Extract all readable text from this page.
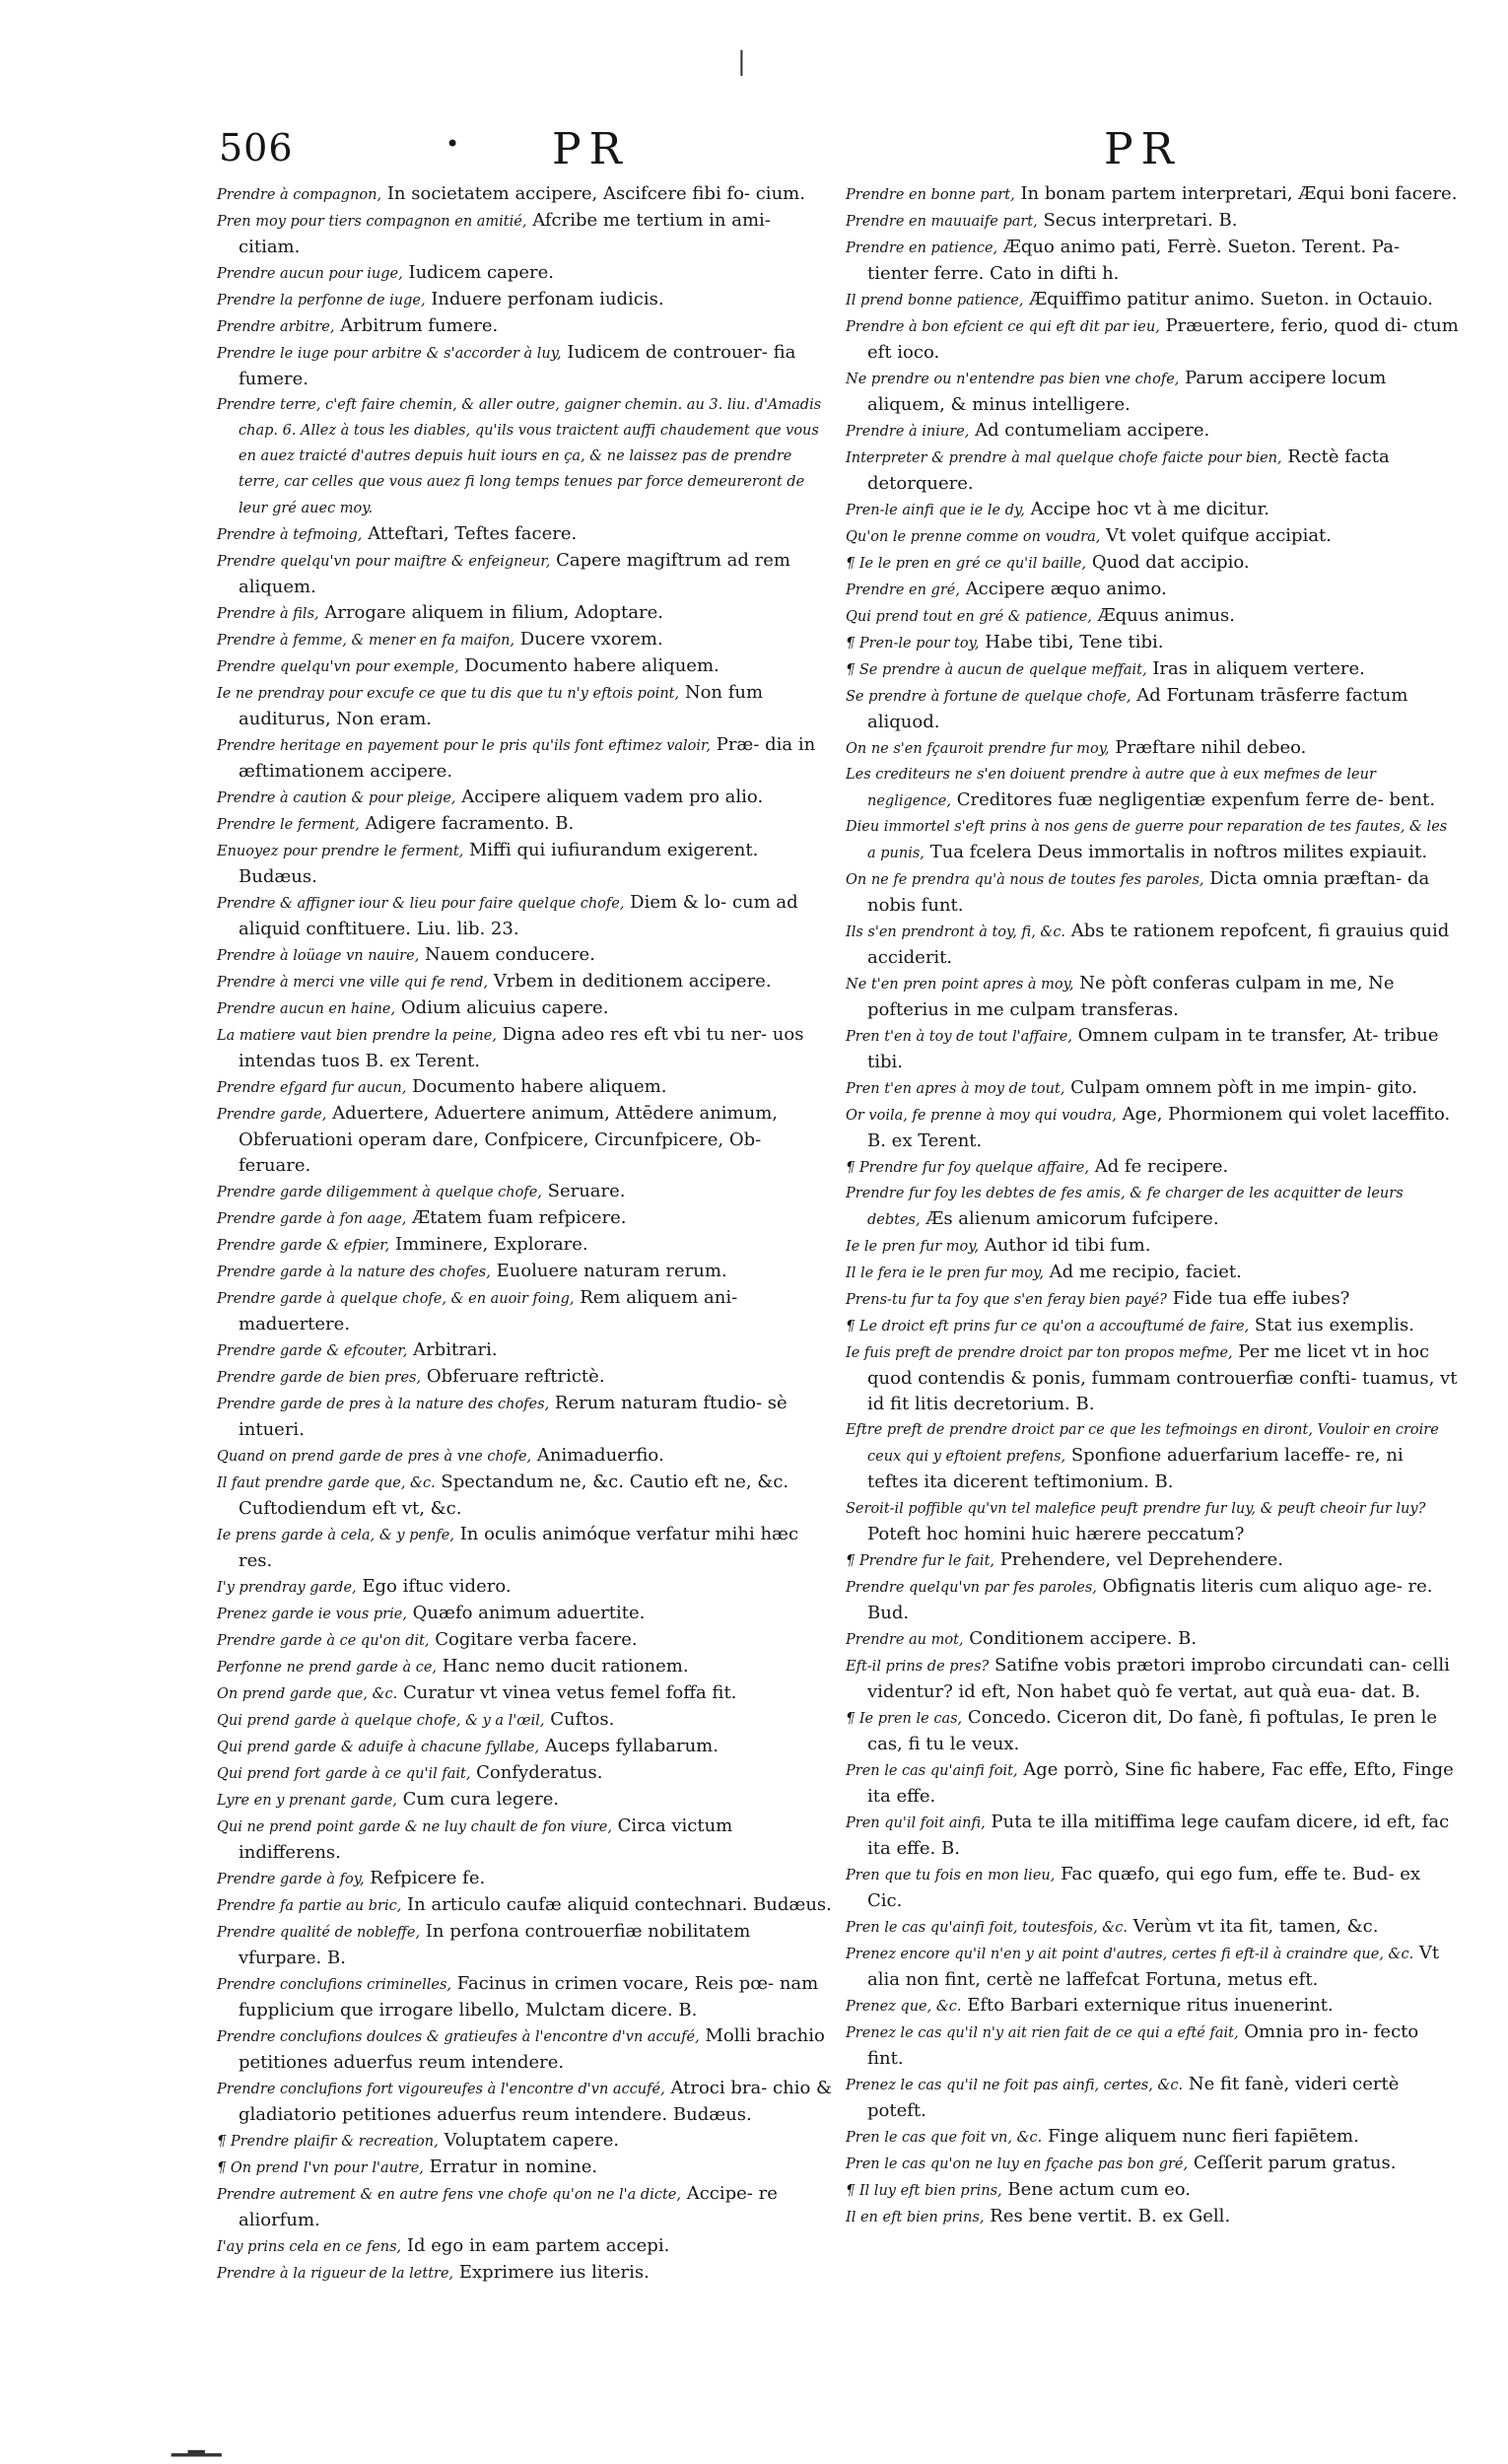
|
506	• PR	PR

Prendre à compagnon, In societatem accipere, Ascifcere fibi fo- cium.

Pren moy pour tiers compagnon en amitié, Afcribe me tertium in ami- citiam.

Prendre aucun pour iuge, Iudicem capere.

Prendre la perfonne de iuge, Induere perfonam iudicis.

Prendre arbitre, Arbitrum fumere.

Prendre le iuge pour arbitre & s'accorder à luy, Iudicem de controuer- fia fumere.

Prendre terre, c'eft faire chemin, & aller outre, gaigner chemin. au 3. liu. d'Amadis chap. 6. Allez à tous les diables, qu'ils vous traictent auffi chaudement que vous en auez traicté d'autres depuis huit iours en ça, & ne laissez pas de prendre terre, car celles que vous auez fi long temps tenues par force demeureront de leur gré auec moy.

Prendre à tefmoing, Atteftari, Teftes facere.

Prendre quelqu'vn pour maiftre & enfeigneur, Capere magiftrum ad rem aliquem.

Prendre à fils, Arrogare aliquem in filium, Adoptare.

Prendre à femme, & mener en fa maifon, Ducere vxorem.

Prendre quelqu'vn pour exemple, Documento habere aliquem.

Ie ne prendray pour excufe ce que tu dis que tu n'y eftois point, Non fum auditurus, Non eram.

Prendre heritage en payement pour le pris qu'ils font eftimez valoir, Præ- dia in æftimationem accipere.

Prendre à caution & pour pleige, Accipere aliquem vadem pro alio.

Prendre le ferment, Adigere facramento. B.

Enuoyez pour prendre le ferment, Miffi qui iufiurandum exigerent. Budæus.

Prendre & affigner iour & lieu pour faire quelque chofe, Diem & lo- cum ad aliquid conftituere. Liu. lib. 23.

Prendre à loüage vn nauire, Nauem conducere.

Prendre à merci vne ville qui fe rend, Vrbem in deditionem accipere.

Prendre aucun en haine, Odium alicuius capere.

La matiere vaut bien prendre la peine, Digna adeo res eft vbi tu ner- uos intendas tuos B. ex Terent.

Prendre efgard fur aucun, Documento habere aliquem.

Prendre garde, Aduertere, Aduertere animum, Attēdere animum, Obferuationi operam dare, Confpicere, Circunfpicere, Ob- feruare.

Prendre garde diligemment à quelque chofe, Seruare.

Prendre garde à fon aage, Ætatem fuam refpicere.

Prendre garde & efpier, Imminere, Explorare.

Prendre garde à la nature des chofes, Euoluere naturam rerum.

Prendre garde à quelque chofe, & en auoir foing, Rem aliquem ani- maduertere.

Prendre garde & efcouter, Arbitrari.

Prendre garde de bien pres, Obferuare reftrictè.

Prendre garde de pres à la nature des chofes, Rerum naturam ftudio- sè intueri.

Quand on prend garde de pres à vne chofe, Animaduerfio.

Il faut prendre garde que, &c. Spectandum ne, &c. Cautio eft ne, &c. Cuftodiendum eft vt, &c.

Ie prens garde à cela, & y penfe, In oculis animóque verfatur mihi hæc res.

I'y prendray garde, Ego iftuc videro.

Prenez garde ie vous prie, Quæfo animum aduertite.

Prendre garde à ce qu'on dit, Cogitare verba facere.

Perfonne ne prend garde à ce, Hanc nemo ducit rationem.

On prend garde que, &c. Curatur vt vinea vetus femel foffa fit.

Qui prend garde à quelque chofe, & y a l'œil, Cuftos.

Qui prend garde & aduife à chacune fyllabe, Auceps fyllabarum.

Qui prend fort garde à ce qu'il fait, Confyderatus.

Lyre en y prenant garde, Cum cura legere.

Qui ne prend point garde & ne luy chault de fon viure, Circa victum indifferens.

Prendre garde à foy, Refpicere fe.

Prendre fa partie au bric, In articulo caufæ aliquid contechnari. Budæus.

Prendre qualité de nobleffe, In perfona controuerfiæ nobilitatem vfurpare. B.

Prendre conclufions criminelles, Facinus in crimen vocare, Reis pœ- nam fupplicium que irrogare libello, Mulctam dicere. B.

Prendre conclufions doulces & gratieufes à l'encontre d'vn accufé, Molli brachio petitiones aduerfus reum intendere.

Prendre conclufions fort vigoureufes à l'encontre d'vn accufé, Atroci bra- chio & gladiatorio petitiones aduerfus reum intendere. Budæus.

¶ Prendre plaifir & recreation, Voluptatem capere.

¶ On prend l'vn pour l'autre, Erratur in nomine.

Prendre autrement & en autre fens vne chofe qu'on ne l'a dicte, Accipe- re aliorfum.

I'ay prins cela en ce fens, Id ego in eam partem accepi.

Prendre à la rigueur de la lettre, Exprimere ius literis.

Prendre en bonne part, In bonam partem interpretari, Æqui boni facere.

Prendre en mauuaife part, Secus interpretari. B.

Prendre en patience, Æquo animo pati, Ferrè. Sueton. Terent. Pa- tienter ferre. Cato in difti h.

Il prend bonne patience, Æquiffimo patitur animo. Sueton. in Octauio.

Prendre à bon efcient ce qui eft dit par ieu, Præuertere, ferio, quod di- ctum eft ioco.

Ne prendre ou n'entendre pas bien vne chofe, Parum accipere locum aliquem, & minus intelligere.

Prendre à iniure, Ad contumeliam accipere.

Interpreter & prendre à mal quelque chofe faicte pour bien, Rectè facta detorquere.

Pren-le ainfi que ie le dy, Accipe hoc vt à me dicitur.

Qu'on le prenne comme on voudra, Vt volet quifque accipiat.

¶ Ie le pren en gré ce qu'il baille, Quod dat accipio.

Prendre en gré, Accipere æquo animo.

Qui prend tout en gré & patience, Æquus animus.

¶ Pren-le pour toy, Habe tibi, Tene tibi.

¶ Se prendre à aucun de quelque meffait, Iras in aliquem vertere.

Se prendre à fortune de quelque chofe, Ad Fortunam trāsferre factum aliquod.

On ne s'en fçauroit prendre fur moy, Præftare nihil debeo.

Les crediteurs ne s'en doiuent prendre à autre que à eux mefmes de leur negligence, Creditores fuæ negligentiæ expenfum ferre de- bent.

Dieu immortel s'eft prins à nos gens de guerre pour reparation de tes fautes, & les a punis, Tua fcelera Deus immortalis in noftros milites expiauit.

On ne fe prendra qu'à nous de toutes fes paroles, Dicta omnia præftan- da nobis funt.

Ils s'en prendront à toy, fi, &c. Abs te rationem repofcent, fi grauius quid acciderit.

Ne t'en pren point apres à moy, Ne pòft conferas culpam in me, Ne pofterius in me culpam transferas.

Pren t'en à toy de tout l'affaire, Omnem culpam in te transfer, At- tribue tibi.

Pren t'en apres à moy de tout, Culpam omnem pòft in me impin- gito.

Or voila, fe prenne à moy qui voudra, Age, Phormionem qui volet laceffito. B. ex Terent.

¶ Prendre fur foy quelque affaire, Ad fe recipere.

Prendre fur foy les debtes de fes amis, & fe charger de les acquitter de leurs debtes, Æs alienum amicorum fufcipere.

Ie le pren fur moy, Author id tibi fum.

Il le fera ie le pren fur moy, Ad me recipio, faciet.

Prens-tu fur ta foy que s'en feray bien payé? Fide tua effe iubes?

¶ Le droict eft prins fur ce qu'on a accouftumé de faire, Stat ius exemplis.

Ie fuis preft de prendre droict par ton propos mefme, Per me licet vt in hoc quod contendis & ponis, fummam controuerfiæ confti- tuamus, vt id fit litis decretorium. B.

Eftre preft de prendre droict par ce que les tefmoings en diront, Vouloir en croire ceux qui y eftoient prefens, Sponfione aduerfarium laceffe- re, ni teftes ita dicerent teftimonium. B.

Seroit-il poffible qu'vn tel malefice peuft prendre fur luy, & peuft cheoir fur luy? Poteft hoc homini huic hærere peccatum?

¶ Prendre fur le fait, Prehendere, vel Deprehendere.

Prendre quelqu'vn par fes paroles, Obfignatis literis cum aliquo age- re. Bud.

Prendre au mot, Conditionem accipere. B.

Eft-il prins de pres? Satifne vobis prætori improbo circundati can- celli videntur? id eft, Non habet quò fe vertat, aut quà eua- dat. B.

¶ Ie pren le cas, Concedo. Ciceron dit, Do fanè, fi poftulas, Ie pren le cas, fi tu le veux.

Pren le cas qu'ainfi foit, Age porrò, Sine fic habere, Fac effe, Efto, Finge ita effe.

Pren qu'il foit ainfi, Puta te illa mitiffima lege caufam dicere, id eft, fac ita effe. B.

Pren que tu fois en mon lieu, Fac quæfo, qui ego fum, effe te. Bud- ex Cic.

Pren le cas qu'ainfi foit, toutesfois, &c. Verùm vt ita fit, tamen, &c.

Prenez encore qu'il n'en y ait point d'autres, certes fi eft-il à craindre que, &c. Vt alia non fint, certè ne laffefcat Fortuna, metus eft.

Prenez que, &c. Efto Barbari externique ritus inuenerint.

Prenez le cas qu'il n'y ait rien fait de ce qui a efté fait, Omnia pro in- fecto fint.

Prenez le cas qu'il ne foit pas ainfi, certes, &c. Ne fit fanè, videri certè poteft.

Pren le cas que foit vn, &c. Finge aliquem nunc fieri fapiētem.

Pren le cas qu'on ne luy en fçache pas bon gré, Ceſſerit parum gratus.

¶ Il luy eft bien prins, Bene actum cum eo.

Il en eft bien prins, Res bene vertit. B. ex Gell.

▁▂▁
